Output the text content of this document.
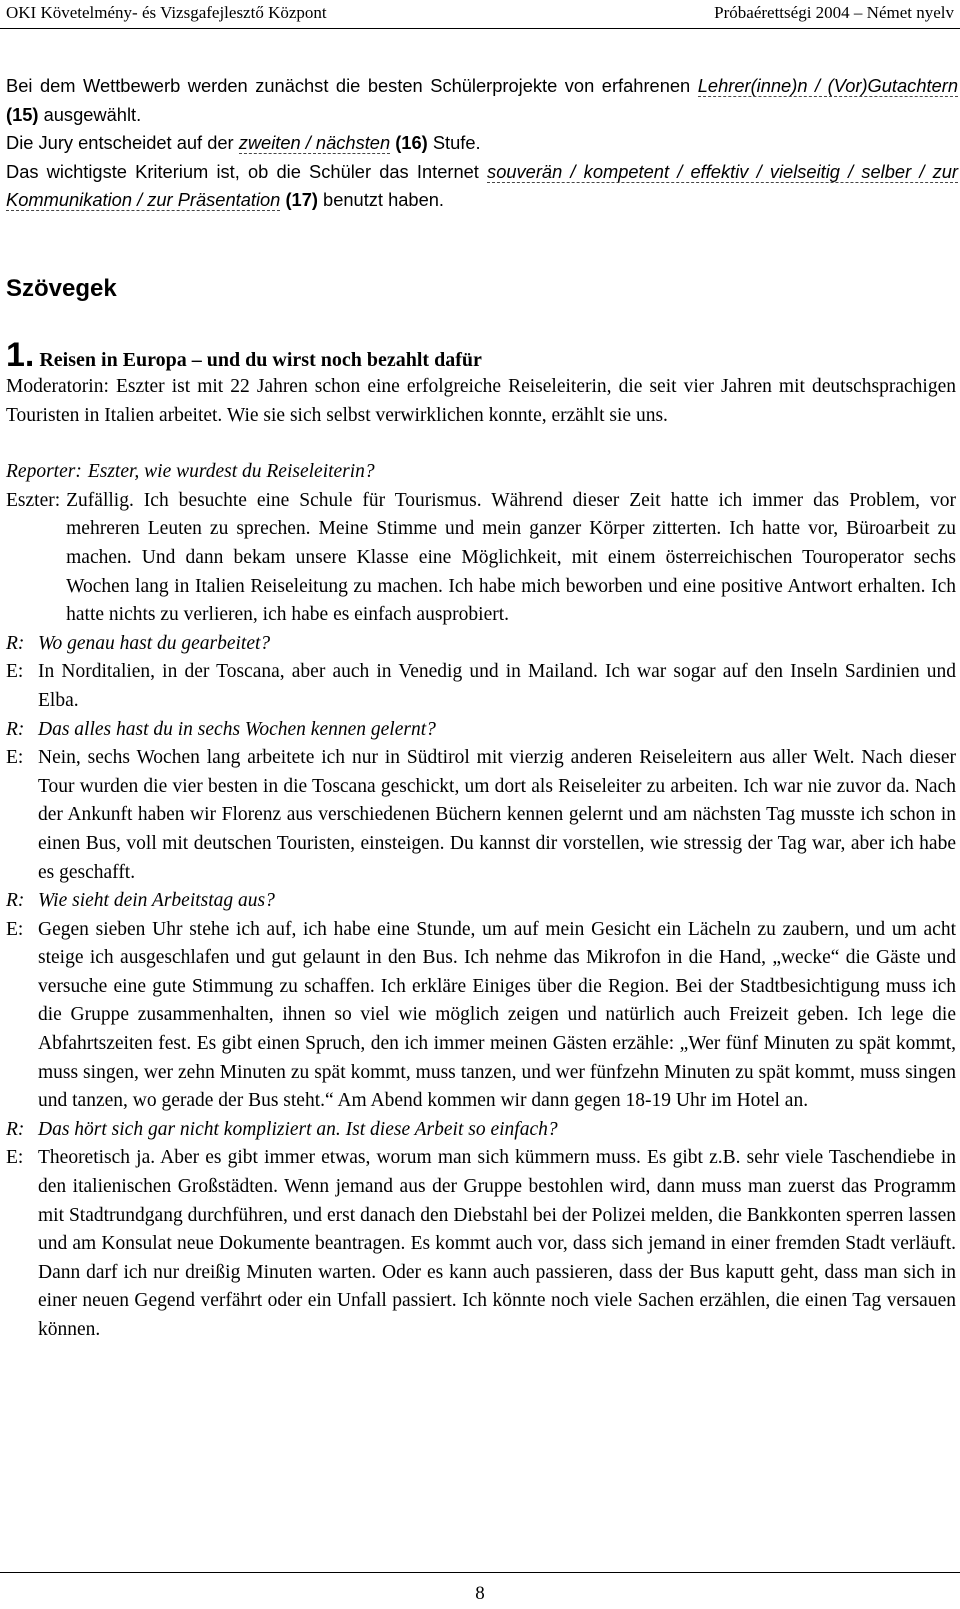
OKI Követelmény- és Vizsgafejlesztő Központ	Próbaérettségi 2004 – Német nyelv

Bei dem Wettbewerb werden zunächst die besten Schülerprojekte von erfahrenen Lehrer(inne)n / (Vor)Gutachtern (15) ausgewählt.

Die Jury entscheidet auf der zweiten / nächsten (16) Stufe.

Das wichtigste Kriterium ist, ob die Schüler das Internet souverän / kompetent / effektiv / vielseitig / selber / zur Kommunikation / zur Präsentation (17) benutzt haben.

Szövegek
1. Reisen in Europa – und du wirst noch bezahlt dafür

Moderatorin: Eszter ist mit 22 Jahren schon eine erfolgreiche Reiseleiterin, die seit vier Jahren mit deutschsprachigen Touristen in Italien arbeitet. Wie sie sich selbst verwirklichen konnte, erzählt sie uns.

Reporter: Eszter, wie wurdest du Reiseleiterin?
Eszter: Zufällig. Ich besuchte eine Schule für Tourismus. Während dieser Zeit hatte ich immer das Problem, vor mehreren Leuten zu sprechen. Meine Stimme und mein ganzer Körper zitterten. Ich hatte vor, Büroarbeit zu machen. Und dann bekam unsere Klasse eine Möglichkeit, mit einem österreichischen Touroperator sechs Wochen lang in Italien Reiseleitung zu machen. Ich habe mich beworben und eine positive Antwort erhalten. Ich hatte nichts zu verlieren, ich habe es einfach ausprobiert.
R: Wo genau hast du gearbeitet?
E: In Norditalien, in der Toscana, aber auch in Venedig und in Mailand. Ich war sogar auf den Inseln Sardinien und Elba.
R: Das alles hast du in sechs Wochen kennen gelernt?
E: Nein, sechs Wochen lang arbeitete ich nur in Südtirol mit vierzig anderen Reiseleitern aus aller Welt. Nach dieser Tour wurden die vier besten in die Toscana geschickt, um dort als Reiseleiter zu arbeiten. Ich war nie zuvor da. Nach der Ankunft haben wir Florenz aus verschiedenen Büchern kennen gelernt und am nächsten Tag musste ich schon in einen Bus, voll mit deutschen Touristen, einsteigen. Du kannst dir vorstellen, wie stressig der Tag war, aber ich habe es geschafft.
R: Wie sieht dein Arbeitstag aus?
E: Gegen sieben Uhr stehe ich auf, ich habe eine Stunde, um auf mein Gesicht ein Lächeln zu zaubern, und um acht steige ich ausgeschlafen und gut gelaunt in den Bus. Ich nehme das Mikrofon in die Hand, „wecke“ die Gäste und versuche eine gute Stimmung zu schaffen. Ich erkläre Einiges über die Region. Bei der Stadtbesichtigung muss ich die Gruppe zusammenhalten, ihnen so viel wie möglich zeigen und natürlich auch Freizeit geben. Ich lege die Abfahrtszeiten fest. Es gibt einen Spruch, den ich immer meinen Gästen erzähle: „Wer fünf Minuten zu spät kommt, muss singen, wer zehn Minuten zu spät kommt, muss tanzen, und wer fünfzehn Minuten zu spät kommt, muss singen und tanzen, wo gerade der Bus steht.“ Am Abend kommen wir dann gegen 18-19 Uhr im Hotel an.
R: Das hört sich gar nicht kompliziert an. Ist diese Arbeit so einfach?
E: Theoretisch ja. Aber es gibt immer etwas, worum man sich kümmern muss. Es gibt z.B. sehr viele Taschendiebe in den italienischen Großstädten. Wenn jemand aus der Gruppe bestohlen wird, dann muss man zuerst das Programm mit Stadtrundgang durchführen, und erst danach den Diebstahl bei der Polizei melden, die Bankkonten sperren lassen und am Konsulat neue Dokumente beantragen. Es kommt auch vor, dass sich jemand in einer fremden Stadt verläuft. Dann darf ich nur dreißig Minuten warten. Oder es kann auch passieren, dass der Bus kaputt geht, dass man sich in einer neuen Gegend verfährt oder ein Unfall passiert. Ich könnte noch viele Sachen erzählen, die einen Tag versauen können.
8
